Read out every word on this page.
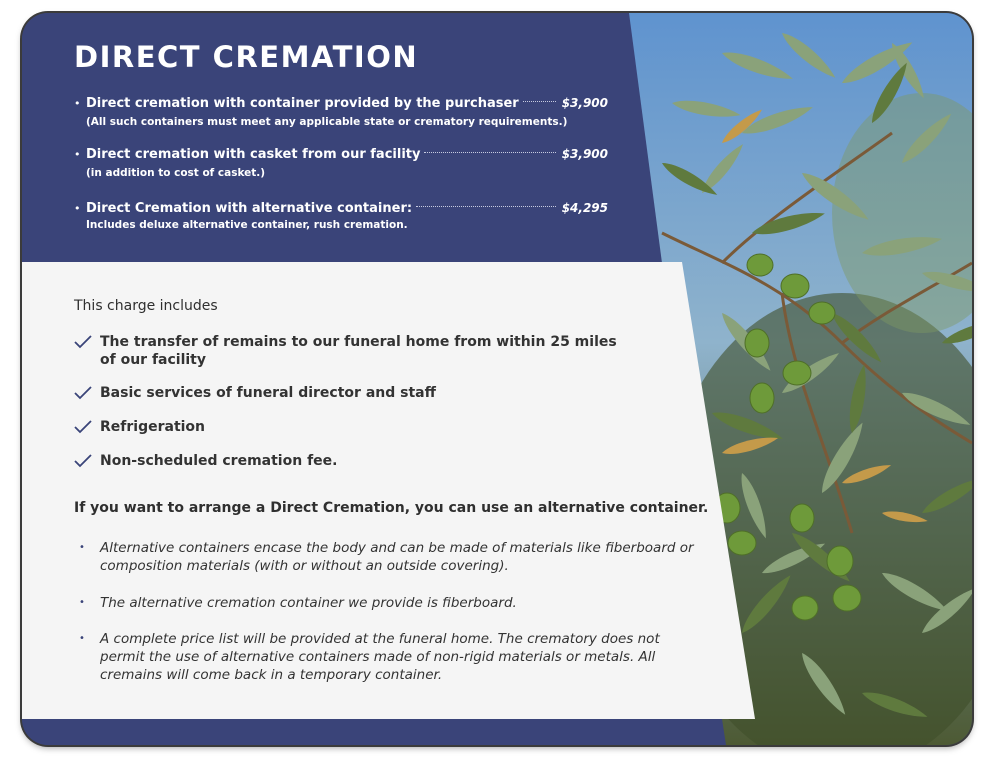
DIRECT CREMATION
• Direct cremation with container provided by the purchaser	$3,900
(All such containers must meet any applicable state or crematory requirements.)
• Direct cremation with casket from our facility	$3,900
(in addition to cost of casket.)
• Direct Cremation with alternative container:	$4,295
Includes deluxe alternative container, rush cremation.
This charge includes
The transfer of remains to our funeral home from within 25 miles of our facility
Basic services of funeral director and staff
Refrigeration
Non-scheduled cremation fee.

If you want to arrange a Direct Cremation, you can use an alternative container.

•	Alternative containers encase the body and can be made of materials like fiberboard or composition materials (with or without an outside covering).
•	The alternative cremation container we provide is fiberboard.
•	A complete price list will be provided at the funeral home. The crematory does not permit the use of alternative containers made of non-rigid materials or metals. All cremains will come back in a temporary container.
